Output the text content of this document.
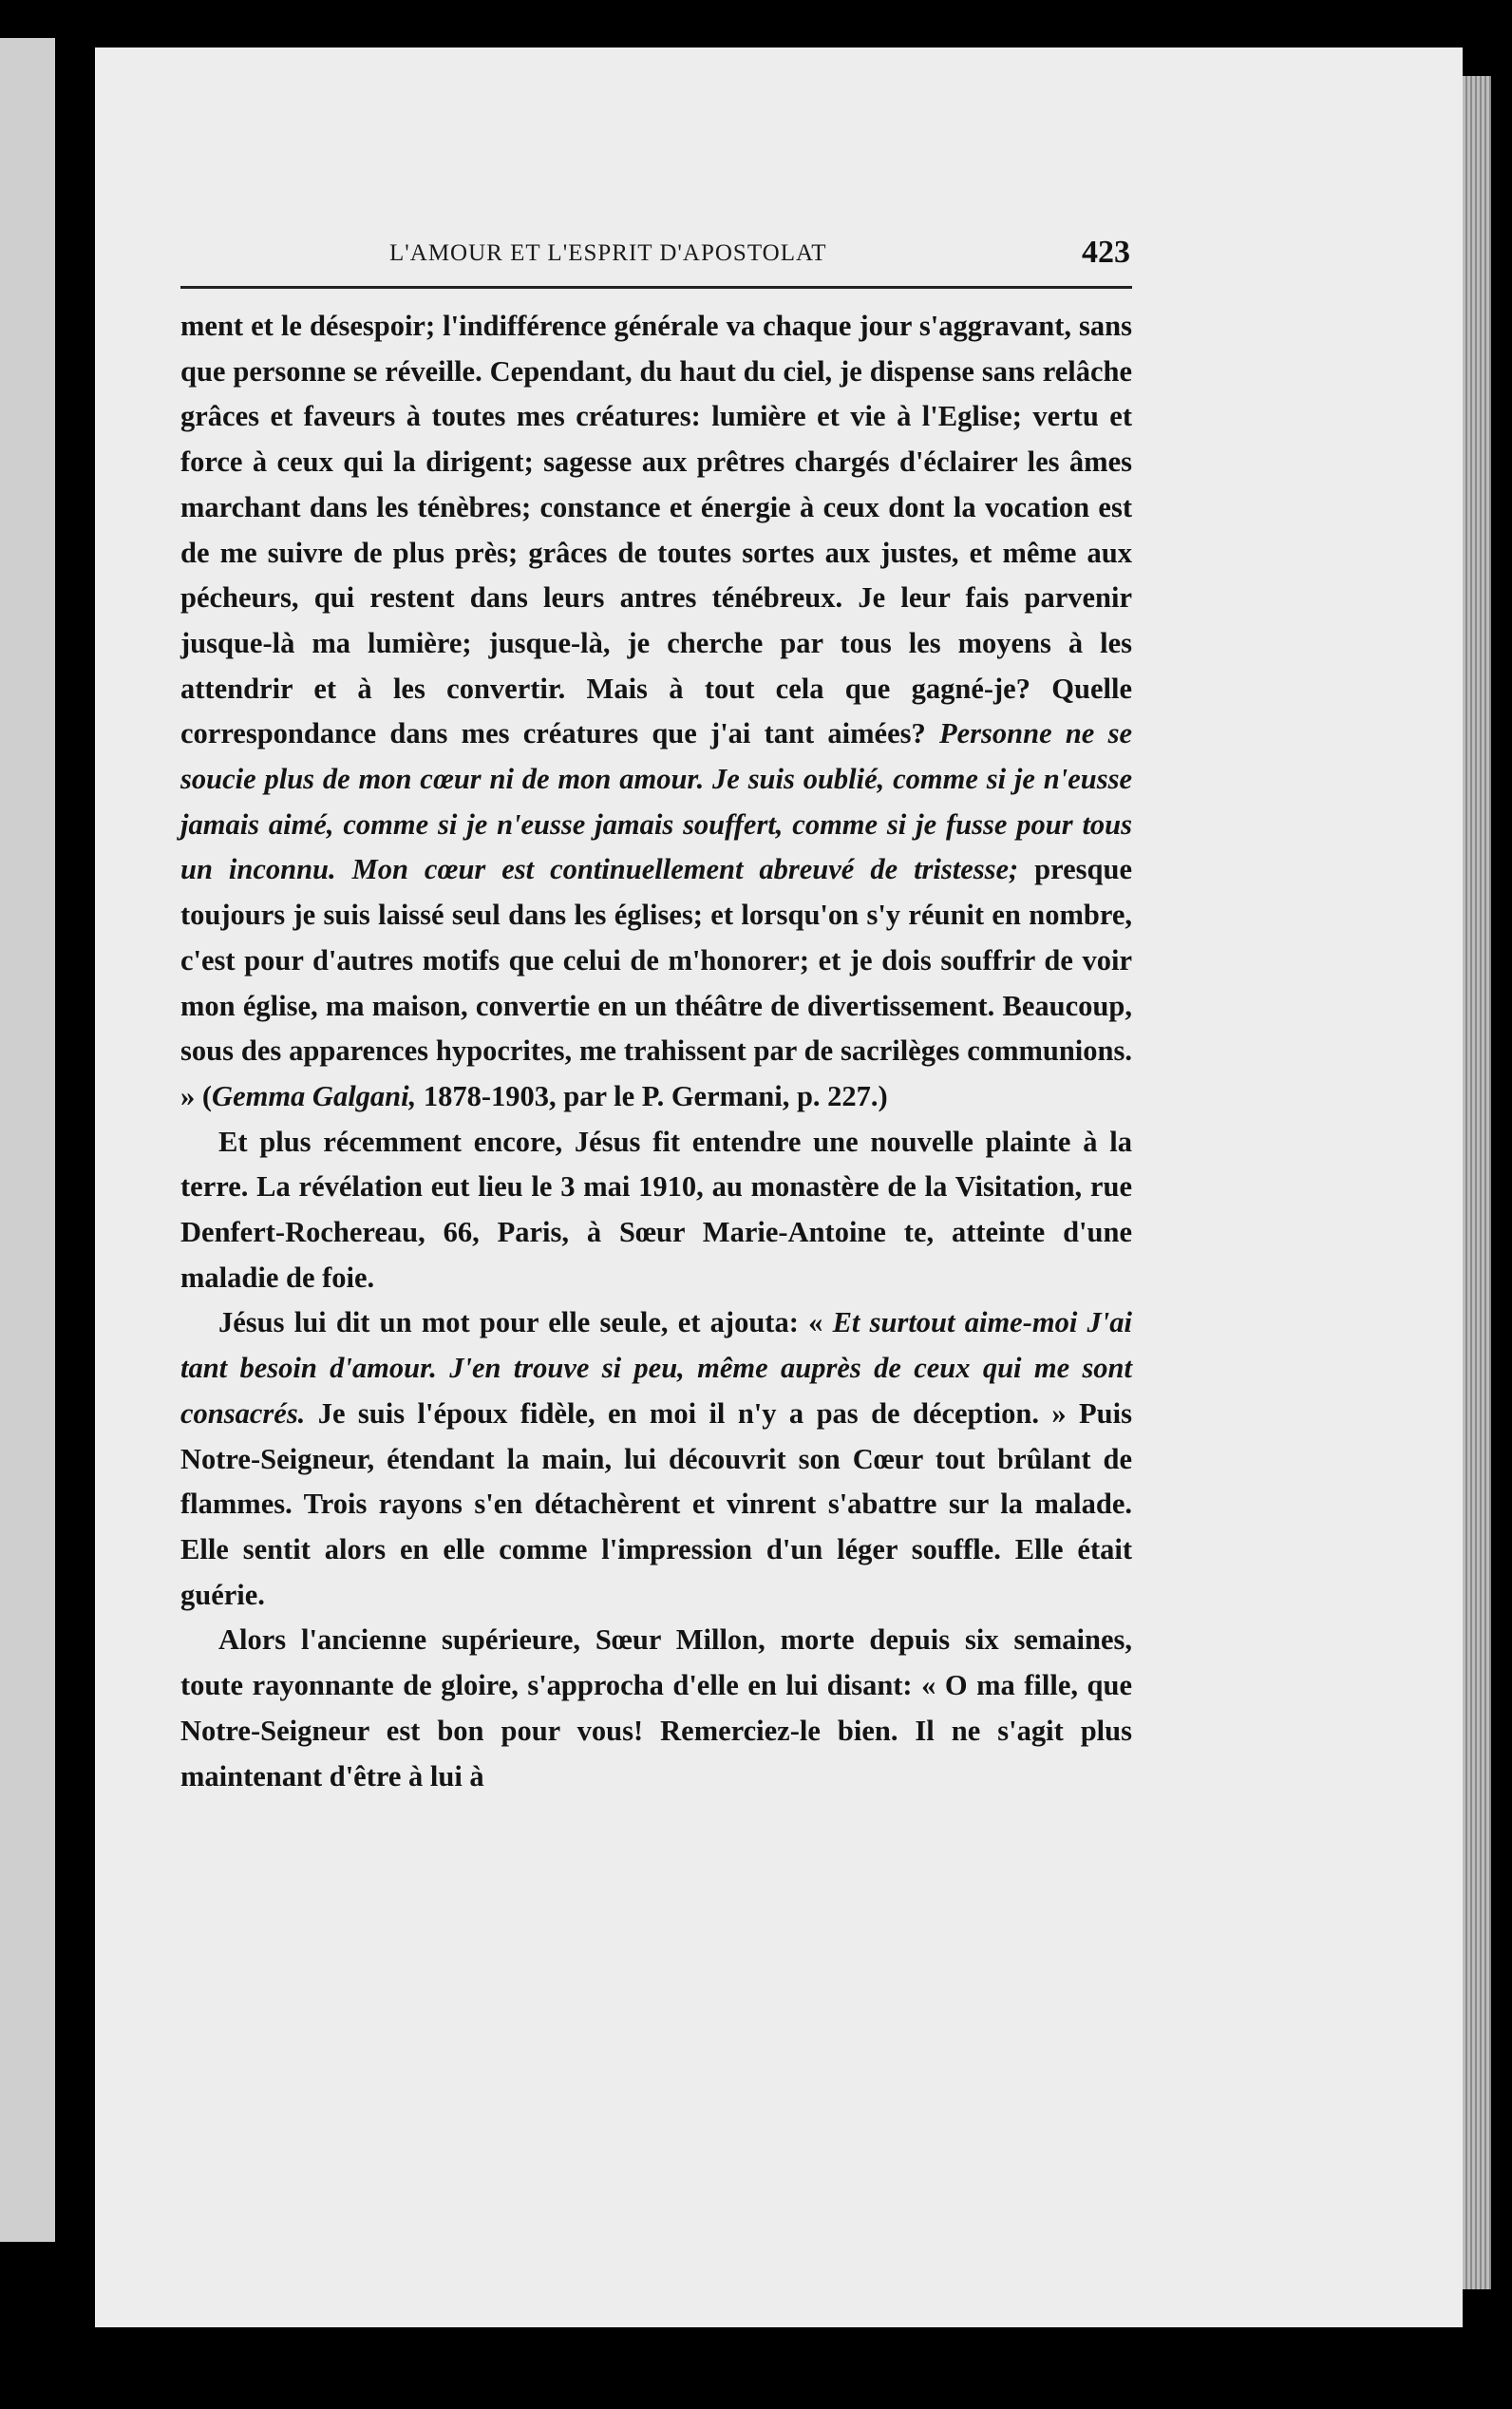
L'AMOUR ET L'ESPRIT D'APOSTOLAT	423

ment et le désespoir; l'indifférence générale va chaque jour s'aggravant, sans que personne se réveille. Cependant, du haut du ciel, je dispense sans relâche grâces et faveurs à toutes mes créatures: lumière et vie à l'Eglise; vertu et force à ceux qui la dirigent; sagesse aux prêtres chargés d'éclairer les âmes marchant dans les ténèbres; constance et énergie à ceux dont la vocation est de me suivre de plus près; grâces de toutes sortes aux justes, et même aux pécheurs, qui restent dans leurs antres ténébreux. Je leur fais parvenir jusque-là ma lumière; jusque-là, je cherche par tous les moyens à les attendrir et à les convertir. Mais à tout cela que gagné-je? Quelle correspondance dans mes créatures que j'ai tant aimées? Personne ne se soucie plus de mon cœur ni de mon amour. Je suis oublié, comme si je n'eusse jamais aimé, comme si je n'eusse jamais souffert, comme si je fusse pour tous un inconnu. Mon cœur est continuellement abreuvé de tristesse; presque toujours je suis laissé seul dans les églises; et lorsqu'on s'y réunit en nombre, c'est pour d'autres motifs que celui de m'honorer; et je dois souffrir de voir mon église, ma maison, convertie en un théâtre de divertissement. Beaucoup, sous des apparences hypocrites, me trahissent par de sacrilèges communions. » (Gemma Galgani, 1878-1903, par le P. Germani, p. 227.)

Et plus récemment encore, Jésus fit entendre une nouvelle plainte à la terre. La révélation eut lieu le 3 mai 1910, au monastère de la Visitation, rue Denfert-Rochereau, 66, Paris, à Sœur Marie-Antoine te, atteinte d'une maladie de foie.

Jésus lui dit un mot pour elle seule, et ajouta: « Et surtout aime-moi J'ai tant besoin d'amour. J'en trouve si peu, même auprès de ceux qui me sont consacrés. Je suis l'époux fidèle, en moi il n'y a pas de déception. » Puis Notre-Seigneur, étendant la main, lui découvrit son Cœur tout brûlant de flammes. Trois rayons s'en détachèrent et vinrent s'abattre sur la malade. Elle sentit alors en elle comme l'impression d'un léger souffle. Elle était guérie.

Alors l'ancienne supérieure, Sœur Millon, morte depuis six semaines, toute rayonnante de gloire, s'approcha d'elle en lui disant: « O ma fille, que Notre-Seigneur est bon pour vous! Remerciez-le bien. Il ne s'agit plus maintenant d'être à lui à
